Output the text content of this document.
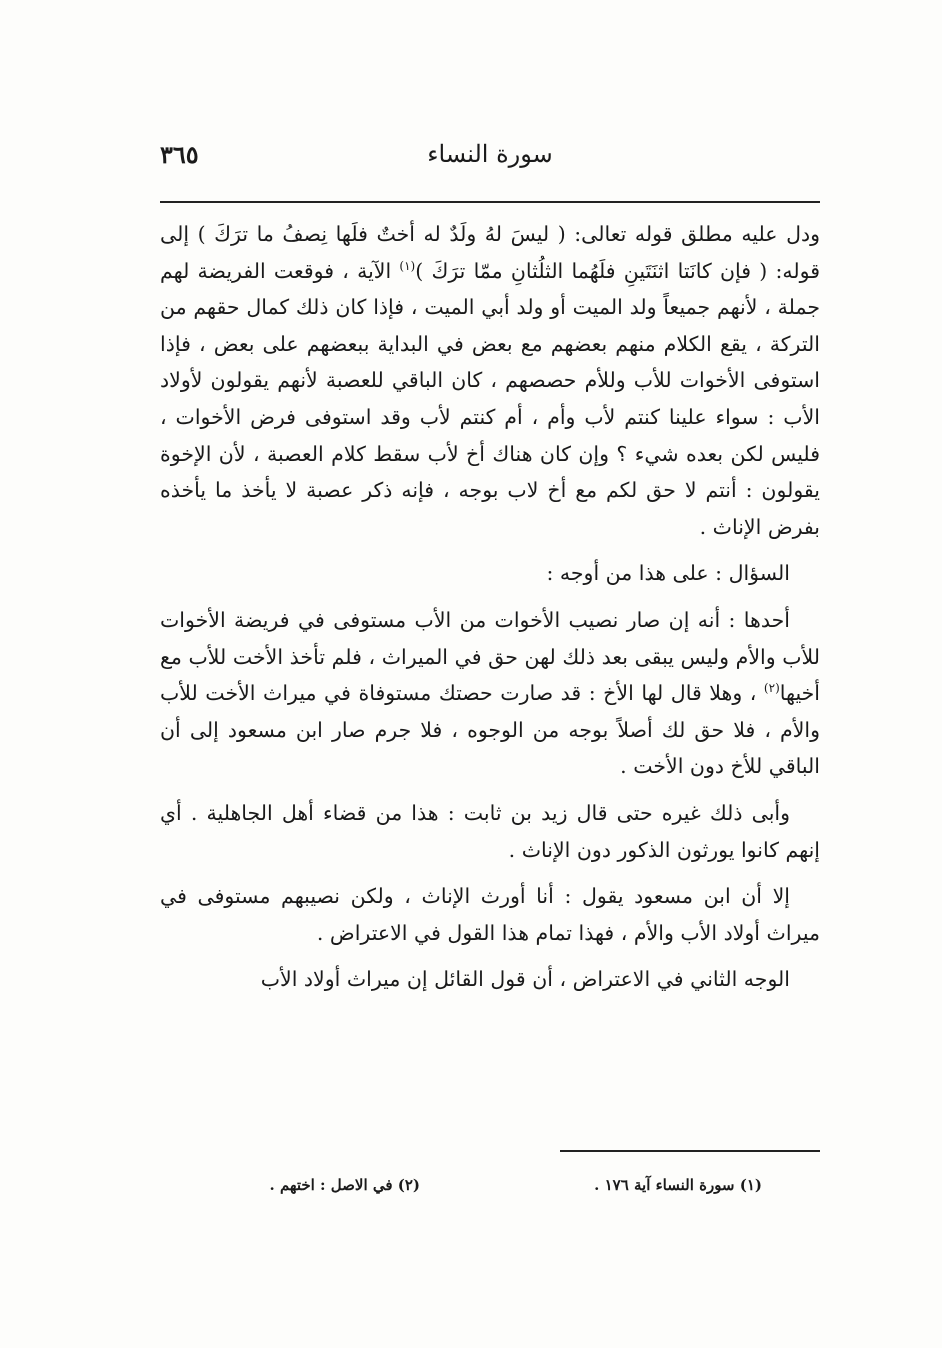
سورة النساء
٣٦٥

ودل عليه مطلق قوله تعالى: ( ليسَ لهُ ولَدٌ له أختٌ فلَها نِصفُ ما ترَكَ ) إلى قوله: ( فإن كانَتا اثنَتَينِ فلَهُما الثلُثانِ ممّا ترَكَ )$^{(١)}$ الآية ، فوقعت الفريضة لهم جملة ، لأنهم جميعاً ولد الميت أو ولد أبي الميت ، فإذا كان ذلك كمال حقهم من التركة ، يقع الكلام منهم بعضهم مع بعض في البداية ببعضهم على بعض ، فإذا استوفى الأخوات للأب وللأم حصصهم ، كان الباقي للعصبة لأنهم يقولون لأولاد الأب : سواء علينا كنتم لأب وأم ، أم كنتم لأب وقد استوفى فرض الأخوات ، فليس لكن بعده شيء ؟ وإن كان هناك أخ لأب سقط كلام العصبة ، لأن الإخوة يقولون : أنتم لا حق لكم مع أخ لاب بوجه ، فإنه ذكر عصبة لا يأخذ ما يأخذه بفرض الإناث .

السؤال : على هذا من أوجه :

أحدها : أنه إن صار نصيب الأخوات من الأب مستوفى في فريضة الأخوات للأب والأم وليس يبقى بعد ذلك لهن حق في الميراث ، فلم تأخذ الأخت للأب مع أخيها$^{(٢)}$ ، وهلا قال لها الأخ : قد صارت حصتك مستوفاة في ميراث الأخت للأب والأم ، فلا حق لك أصلاً بوجه من الوجوه ، فلا جرم صار ابن مسعود إلى أن الباقي للأخ دون الأخت .

وأبى ذلك غيره حتى قال زيد بن ثابت : هذا من قضاء أهل الجاهلية . أي إنهم كانوا يورثون الذكور دون الإناث .

إلا أن ابن مسعود يقول : أنا أورث الإناث ، ولكن نصيبهم مستوفى في ميراث أولاد الأب والأم ، فهذا تمام هذا القول في الاعتراض .

الوجه الثاني في الاعتراض ، أن قول القائل إن ميراث أولاد الأب

(١) سورة النساء آية ١٧٦ .
(٢) في الاصل : اختهم .
